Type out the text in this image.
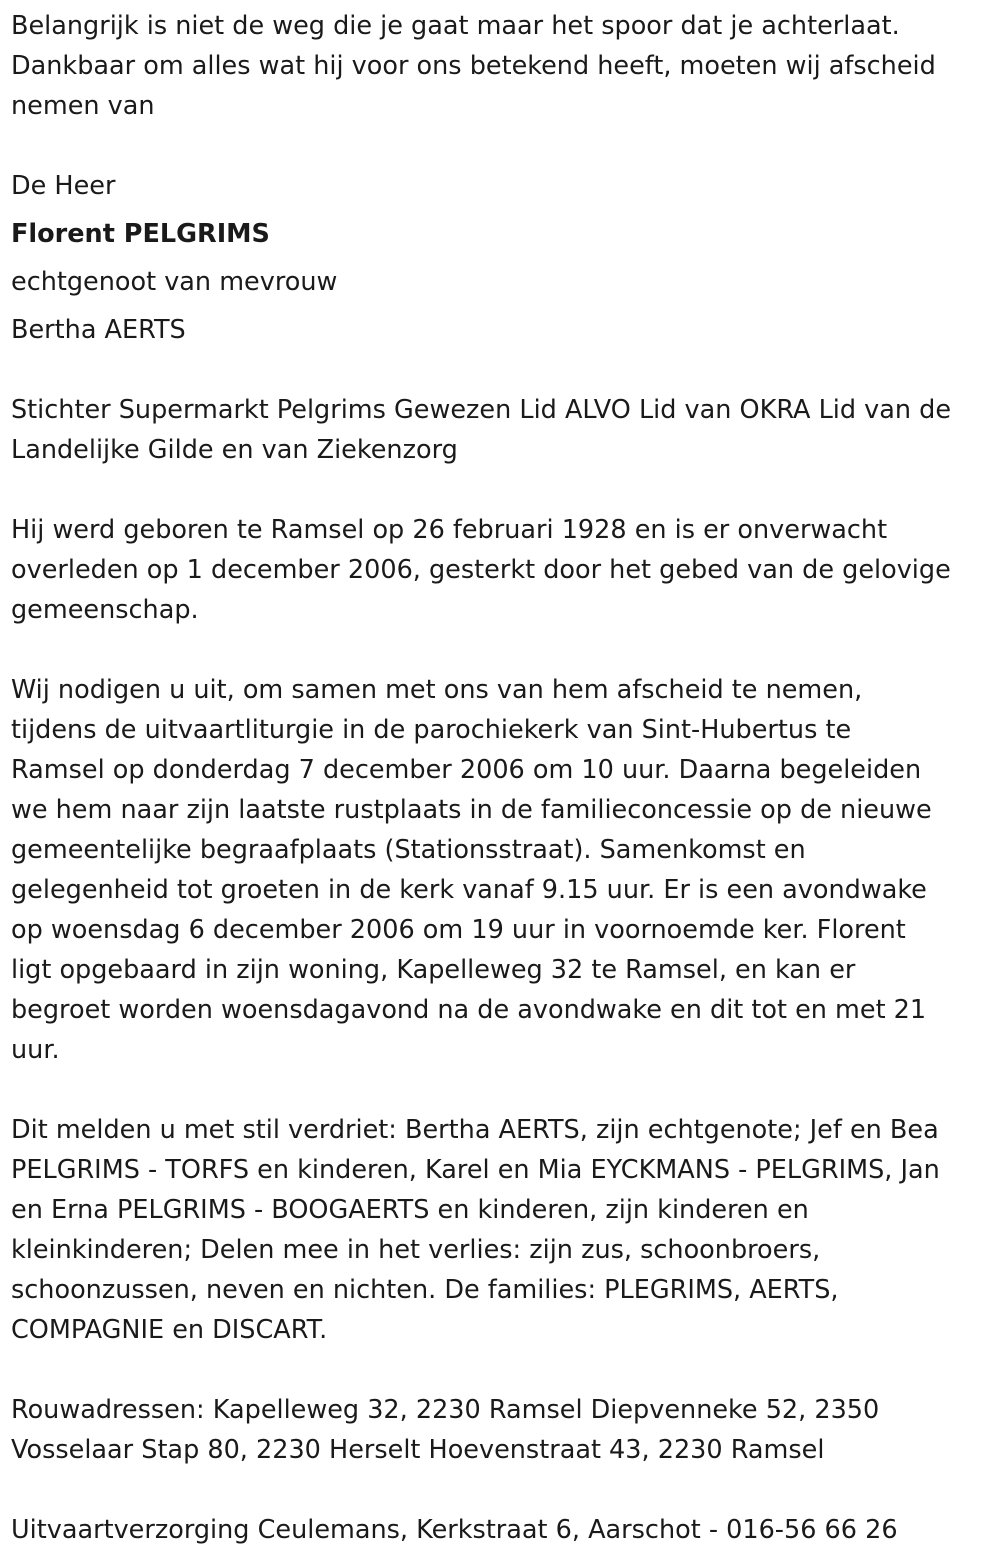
Belangrijk is niet de weg die je gaat maar het spoor dat je achterlaat.
Dankbaar om alles wat hij voor ons betekend heeft, moeten wij afscheid
nemen van

De Heer

Florent PELGRIMS

echtgenoot van mevrouw

Bertha AERTS

Stichter Supermarkt Pelgrims Gewezen Lid ALVO Lid van OKRA Lid van de
Landelijke Gilde en van Ziekenzorg

Hij werd geboren te Ramsel op 26 februari 1928 en is er onverwacht
overleden op 1 december 2006, gesterkt door het gebed van de gelovige
gemeenschap.

Wij nodigen u uit, om samen met ons van hem afscheid te nemen,
tijdens de uitvaartliturgie in de parochiekerk van Sint-Hubertus te
Ramsel op donderdag 7 december 2006 om 10 uur. Daarna begeleiden
we hem naar zijn laatste rustplaats in de familieconcessie op de nieuwe
gemeentelijke begraafplaats (Stationsstraat). Samenkomst en
gelegenheid tot groeten in de kerk vanaf 9.15 uur. Er is een avondwake
op woensdag 6 december 2006 om 19 uur in voornoemde ker. Florent
ligt opgebaard in zijn woning, Kapelleweg 32 te Ramsel, en kan er
begroet worden woensdagavond na de avondwake en dit tot en met 21
uur.

Dit melden u met stil verdriet: Bertha AERTS, zijn echtgenote; Jef en Bea
PELGRIMS - TORFS en kinderen, Karel en Mia EYCKMANS - PELGRIMS, Jan
en Erna PELGRIMS - BOOGAERTS en kinderen, zijn kinderen en
kleinkinderen; Delen mee in het verlies: zijn zus, schoonbroers,
schoonzussen, neven en nichten. De families: PLEGRIMS, AERTS,
COMPAGNIE en DISCART.

Rouwadressen: Kapelleweg 32, 2230 Ramsel Diepvenneke 52, 2350
Vosselaar Stap 80, 2230 Herselt Hoevenstraat 43, 2230 Ramsel

Uitvaartverzorging Ceulemans, Kerkstraat 6, Aarschot - 016-56 66 26
